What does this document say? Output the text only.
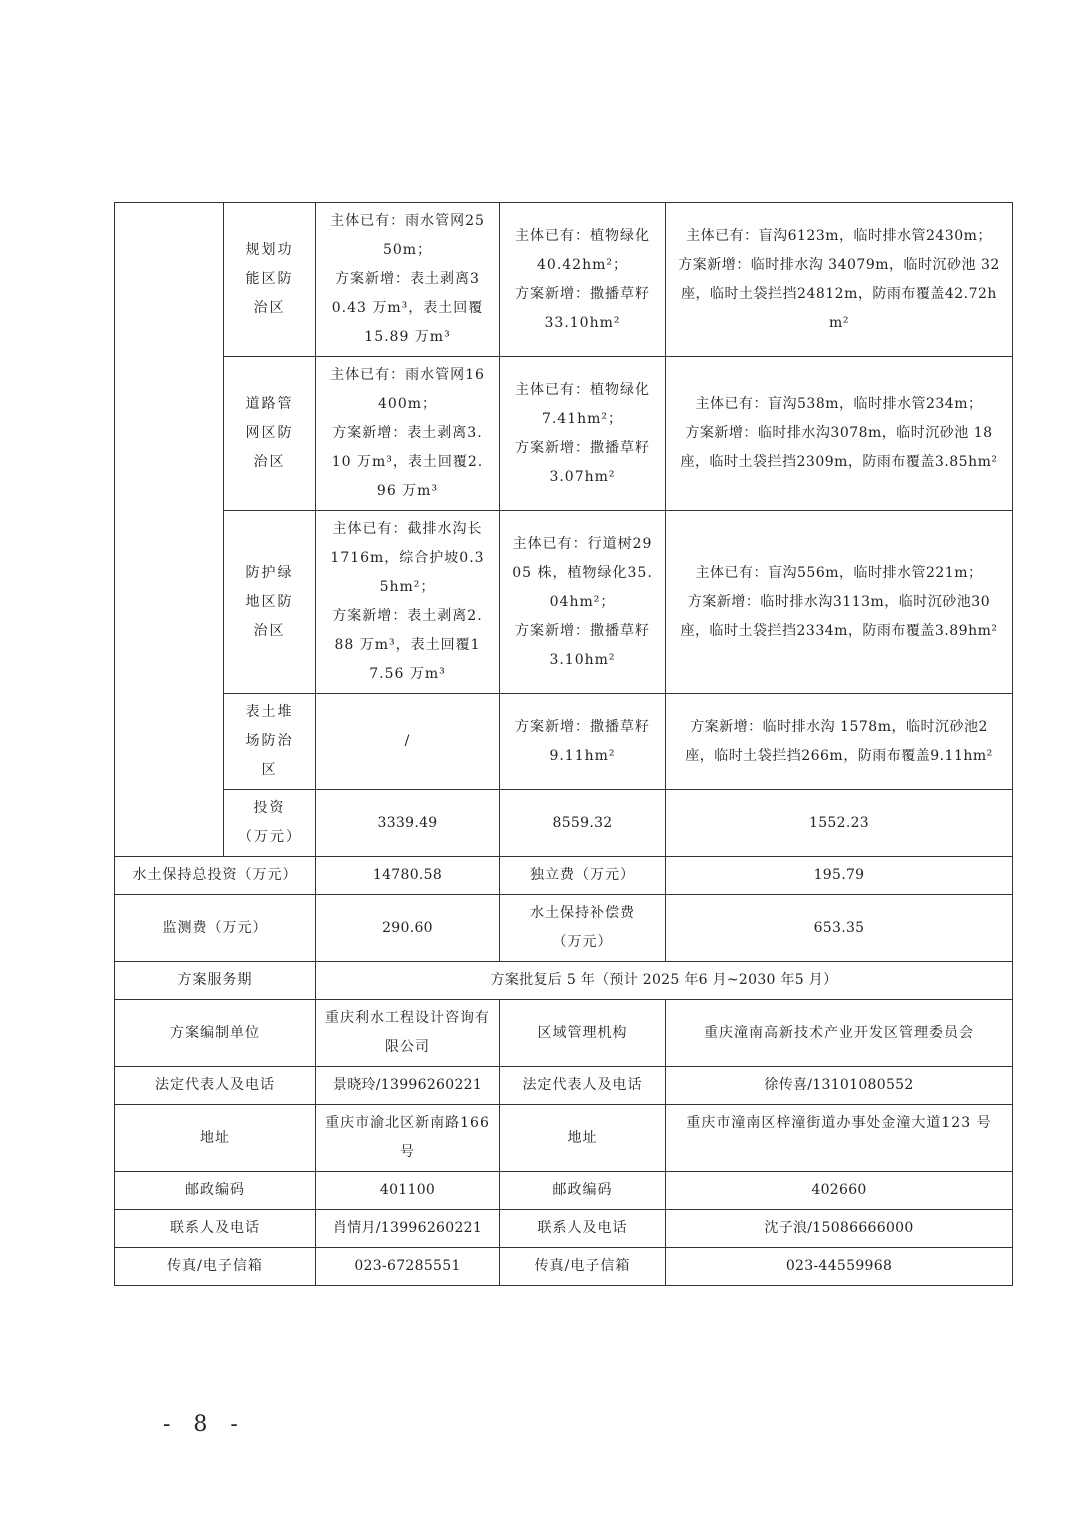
	规划功能区防治区	主体已有：雨水管网2550m；
方案新增：表土剥离30.43 万m³，表土回覆 15.89 万m³	主体已有：植物绿化40.42hm²；
方案新增：撒播草籽33.10hm²	主体已有：盲沟6123m，临时排水管2430m；
方案新增：临时排水沟 34079m，临时沉砂池 32 座，临时土袋拦挡24812m，防雨布覆盖42.72hm²

	道路管网区防治区	主体已有：雨水管网16400m；
方案新增：表土剥离3.10 万m³，表土回覆2.96 万m³	主体已有：植物绿化7.41hm²；
方案新增：撒播草籽3.07hm²	主体已有：盲沟538m，临时排水管234m；
方案新增：临时排水沟3078m，临时沉砂池 18 座，临时土袋拦挡2309m，防雨布覆盖3.85hm²

	防护绿地区防治区	主体已有：截排水沟长 1716m，综合护坡0.35hm²；
方案新增：表土剥离2.88 万m³，表土回覆17.56 万m³	主体已有：行道树2905 株，植物绿化35.04hm²；
方案新增：撒播草籽3.10hm²	主体已有：盲沟556m，临时排水管221m；
方案新增：临时排水沟3113m，临时沉砂池30 座，临时土袋拦挡2334m，防雨布覆盖3.89hm²

	表土堆场防治区	/	方案新增：撒播草籽9.11hm²	方案新增：临时排水沟 1578m，临时沉砂池2 座，临时土袋拦挡266m，防雨布覆盖9.11hm²

	投资（万元）	3339.49	8559.32	1552.23
水土保持总投资（万元）		14780.58	独立费（万元）	195.79
监测费（万元）		290.60	水土保持补偿费（万元）	653.35
方案服务期		方案批复后 5 年（预计 2025 年6 月~2030 年5 月）		
方案编制单位		重庆利水工程设计咨询有限公司	区域管理机构	重庆潼南高新技术产业开发区管理委员会
法定代表人及电话		景晓玲/13996260221	法定代表人及电话	徐传喜/13101080552
地址		重庆市渝北区新南路166 号	地址	重庆市潼南区梓潼街道办事处金潼大道123 号
邮政编码		401100	邮政编码	402660
联系人及电话		肖情月/13996260221	联系人及电话	沈子浪/15086666000
传真/电子信箱		023-67285551	传真/电子信箱	023-44559968
- 8 -
